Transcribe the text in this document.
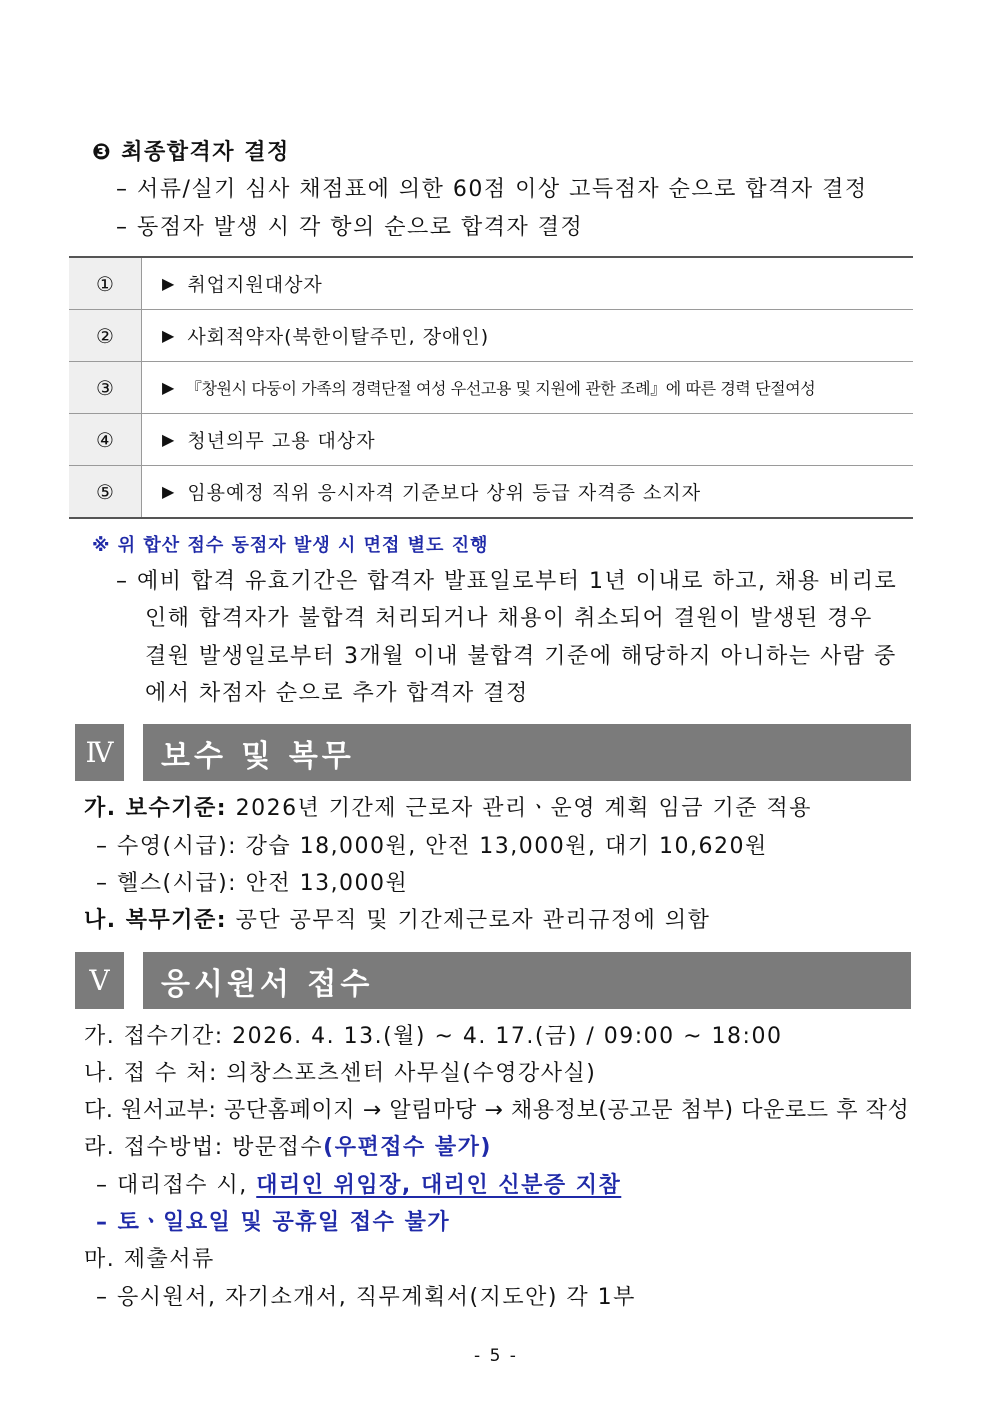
❸ 최종합격자 결정
– 서류/실기 심사 채점표에 의한 60점 이상 고득점자 순으로 합격자 결정
– 동점자 발생 시 각 항의 순으로 합격자 결정
①	▶ 취업지원대상자
②	▶ 사회적약자(북한이탈주민, 장애인)
③	▶ 『창원시 다둥이 가족의 경력단절 여성 우선고용 및 지원에 관한 조례』에 따른 경력 단절여성
④	▶ 청년의무 고용 대상자
⑤	▶ 임용예정 직위 응시자격 기준보다 상위 등급 자격증 소지자
※ 위 합산 점수 동점자 발생 시 면접 별도 진행
– 예비 합격 유효기간은 합격자 발표일로부터 1년 이내로 하고, 채용 비리로
인해 합격자가 불합격 처리되거나 채용이 취소되어 결원이 발생된 경우
결원 발생일로부터 3개월 이내 불합격 기준에 해당하지 아니하는 사람 중
에서 차점자 순으로 추가 합격자 결정
Ⅳ	보수 및 복무
가. 보수기준: 2026년 기간제 근로자 관리ㆍ운영 계획 임금 기준 적용
– 수영(시급): 강습 18,000원, 안전 13,000원, 대기 10,620원
– 헬스(시급): 안전 13,000원
나. 복무기준: 공단 공무직 및 기간제근로자 관리규정에 의함
Ⅴ	응시원서 접수
가. 접수기간: 2026. 4. 13.(월) ~ 4. 17.(금) / 09:00 ~ 18:00
나. 접 수 처: 의창스포츠센터 사무실(수영강사실)
다. 원서교부: 공단홈페이지 → 알림마당 → 채용정보(공고문 첨부) 다운로드 후 작성
라. 접수방법: 방문접수(우편접수 불가)
– 대리접수 시, 대리인 위임장, 대리인 신분증 지참
– 토ㆍ일요일 및 공휴일 접수 불가
마. 제출서류
– 응시원서, 자기소개서, 직무계획서(지도안) 각 1부
- 5 -
